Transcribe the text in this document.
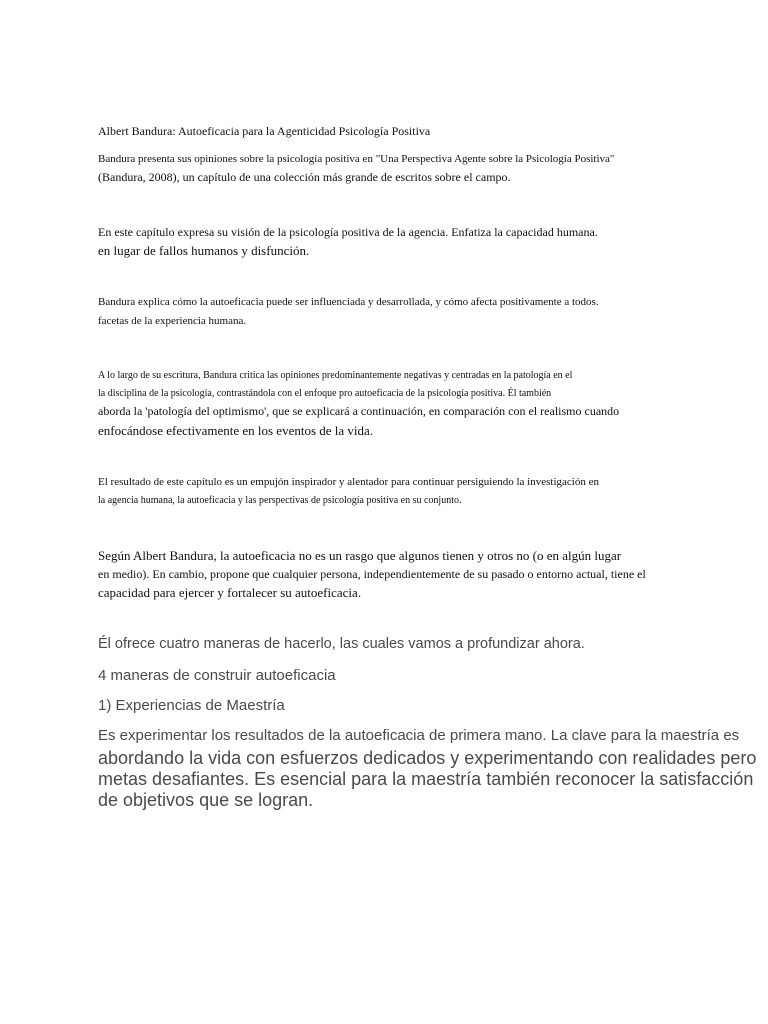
Albert Bandura: Autoeficacia para la Agenticidad Psicología Positiva

Bandura presenta sus opiniones sobre la psicología positiva en "Una Perspectiva Agente sobre la Psicología Positiva"

(Bandura, 2008), un capítulo de una colección más grande de escritos sobre el campo.

En este capítulo expresa su visión de la psicología positiva de la agencia. Enfatiza la capacidad humana.

en lugar de fallos humanos y disfunción.

Bandura explica cómo la autoeficacia puede ser influenciada y desarrollada, y cómo afecta positivamente a todos.

facetas de la experiencia humana.

A lo largo de su escritura, Bandura critica las opiniones predominantemente negativas y centradas en la patología en el

la disciplina de la psicología, contrastándola con el enfoque pro autoeficacia de la psicología positiva. Él también

aborda la 'patología del optimismo', que se explicará a continuación, en comparación con el realismo cuando

enfocándose efectivamente en los eventos de la vida.

El resultado de este capítulo es un empujón inspirador y alentador para continuar persiguiendo la investigación en

la agencia humana, la autoeficacia y las perspectivas de psicología positiva en su conjunto.

Según Albert Bandura, la autoeficacia no es un rasgo que algunos tienen y otros no (o en algún lugar

en medio). En cambio, propone que cualquier persona, independientemente de su pasado o entorno actual, tiene el

capacidad para ejercer y fortalecer su autoeficacia.

Él ofrece cuatro maneras de hacerlo, las cuales vamos a profundizar ahora.

4 maneras de construir autoeficacia

1) Experiencias de Maestría

Es experimentar los resultados de la autoeficacia de primera mano. La clave para la maestría es

abordando la vida con esfuerzos dedicados y experimentando con realidades pero

metas desafiantes. Es esencial para la maestría también reconocer la satisfacción

de objetivos que se logran.
